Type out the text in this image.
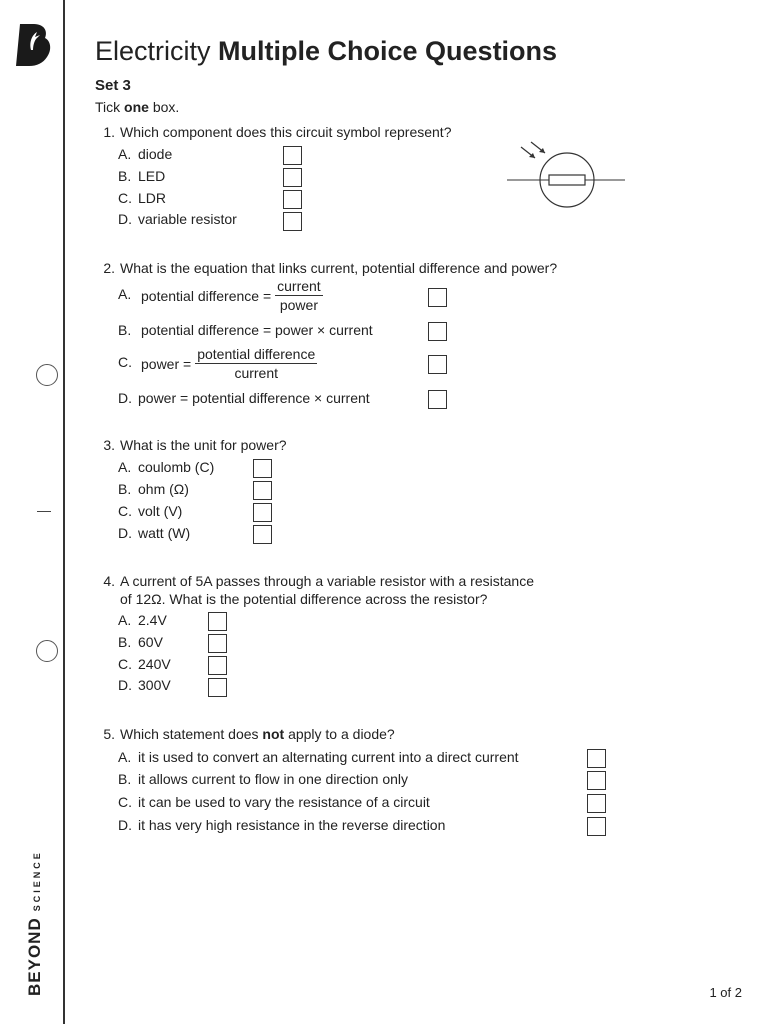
BEYONDSCIENCE
Electricity Multiple Choice Questions
Set 3
Tick one box.
1. Which component does this circuit symbol represent?
A. diode
B. LED
C. LDR
D. variable resistor
2. What is the equation that links current, potential difference and power?
A. potential difference = $\frac{\text{current}}{\text{power}}$
B. potential difference = power × current
C. power = $\frac{\text{potential difference}}{\text{current}}$
D. power = potential difference × current
3. What is the unit for power?
A. coulomb (C)
B. ohm (Ω)
C. volt (V)
D. watt (W)
4. A current of 5A passes through a variable resistor with a resistance
of 12Ω. What is the potential difference across the resistor?
A. 2.4V
B. 60V
C. 240V
D. 300V
5. Which statement does not apply to a diode?
A. it is used to convert an alternating current into a direct current
B. it allows current to flow in one direction only
C. it can be used to vary the resistance of a circuit
D. it has very high resistance in the reverse direction
1 of 2
